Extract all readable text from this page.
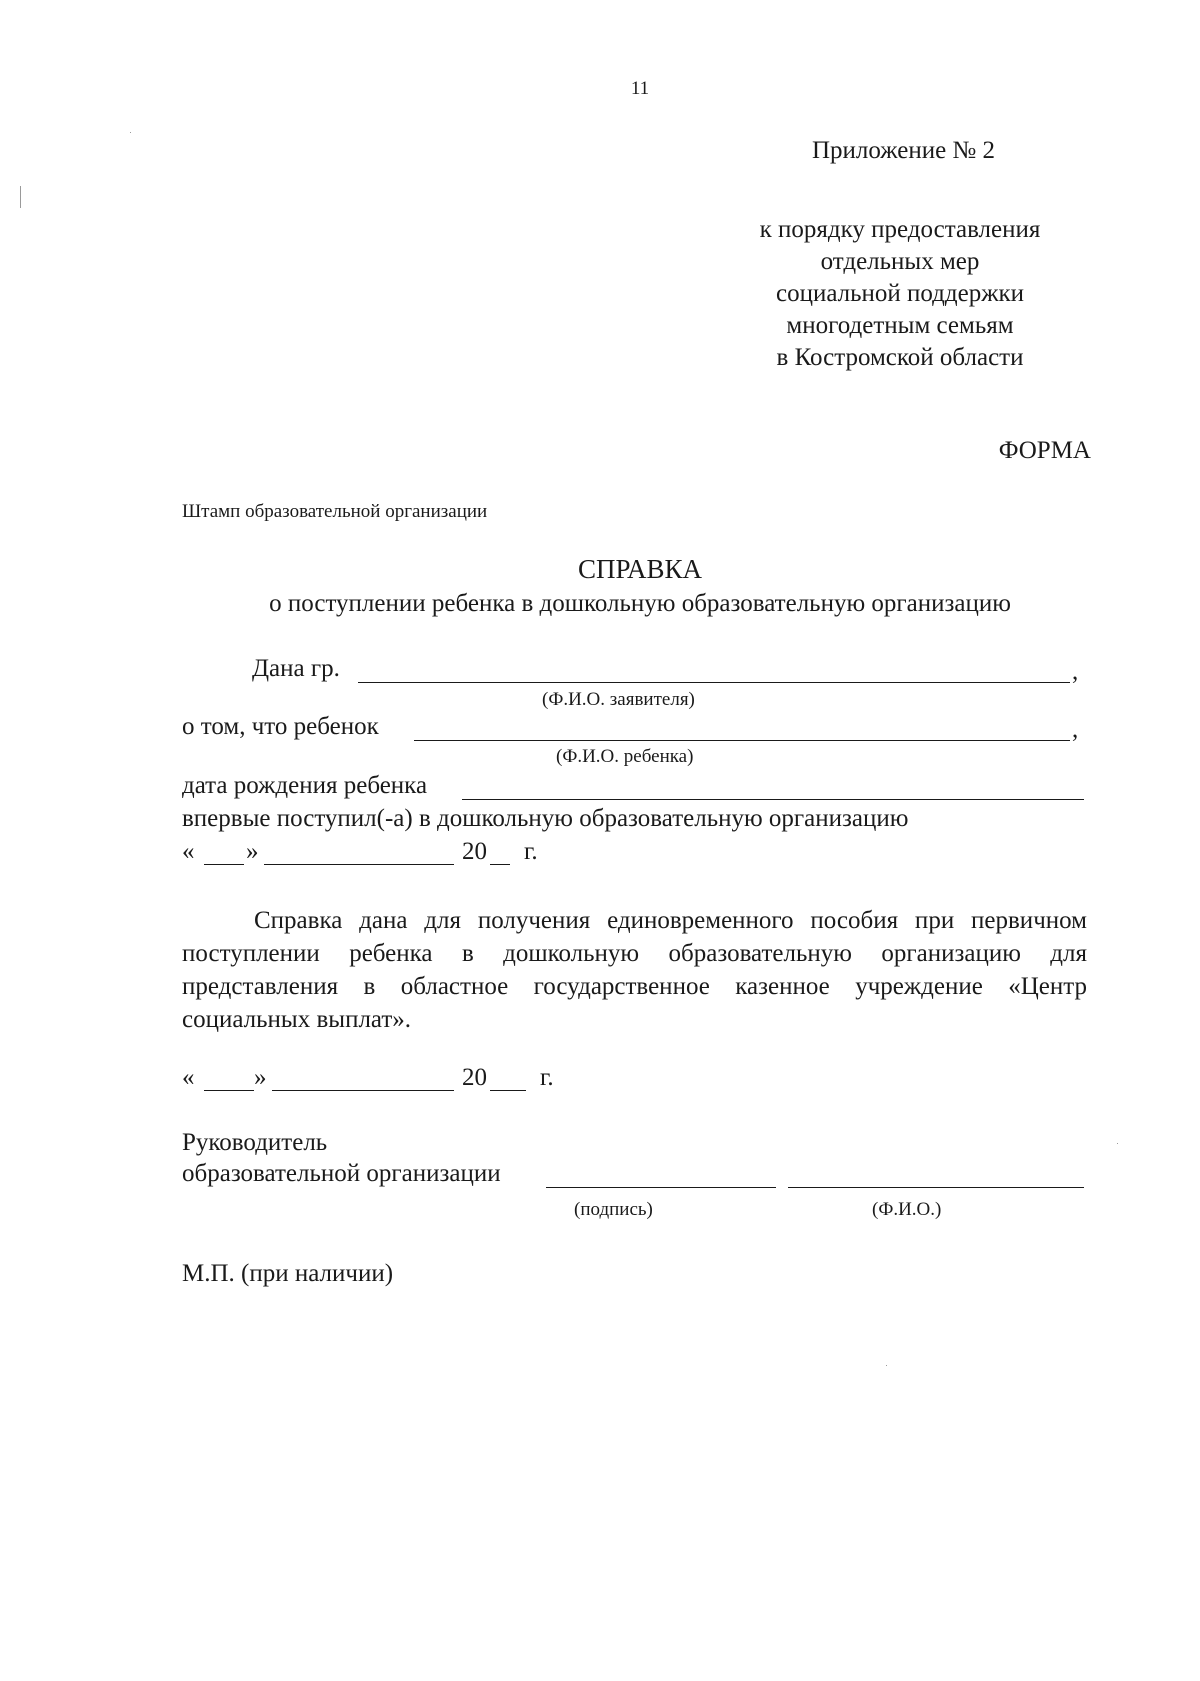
11
Приложение № 2
к порядку предоставления
отдельных мер
социальной поддержки
многодетным семьям
в Костромской области
ФОРМА
Штамп образовательной организации
СПРАВКА
о поступлении ребенка в дошкольную образовательную организацию
Дана гр.	,
(Ф.И.О. заявителя)
о том, что ребенок	,
(Ф.И.О. ребенка)
дата рождения ребенка
впервые поступил(-а) в дошкольную образовательную организацию
« »	20 г.
Справка дана для получения единовременного пособия при первичном поступлении ребенка в дошкольную образовательную организацию для представления в областное государственное казенное учреждение «Центр социальных выплат».
« »	20 г.
Руководитель
образовательной организации
(подпись)	(Ф.И.О.)
М.П. (при наличии)
